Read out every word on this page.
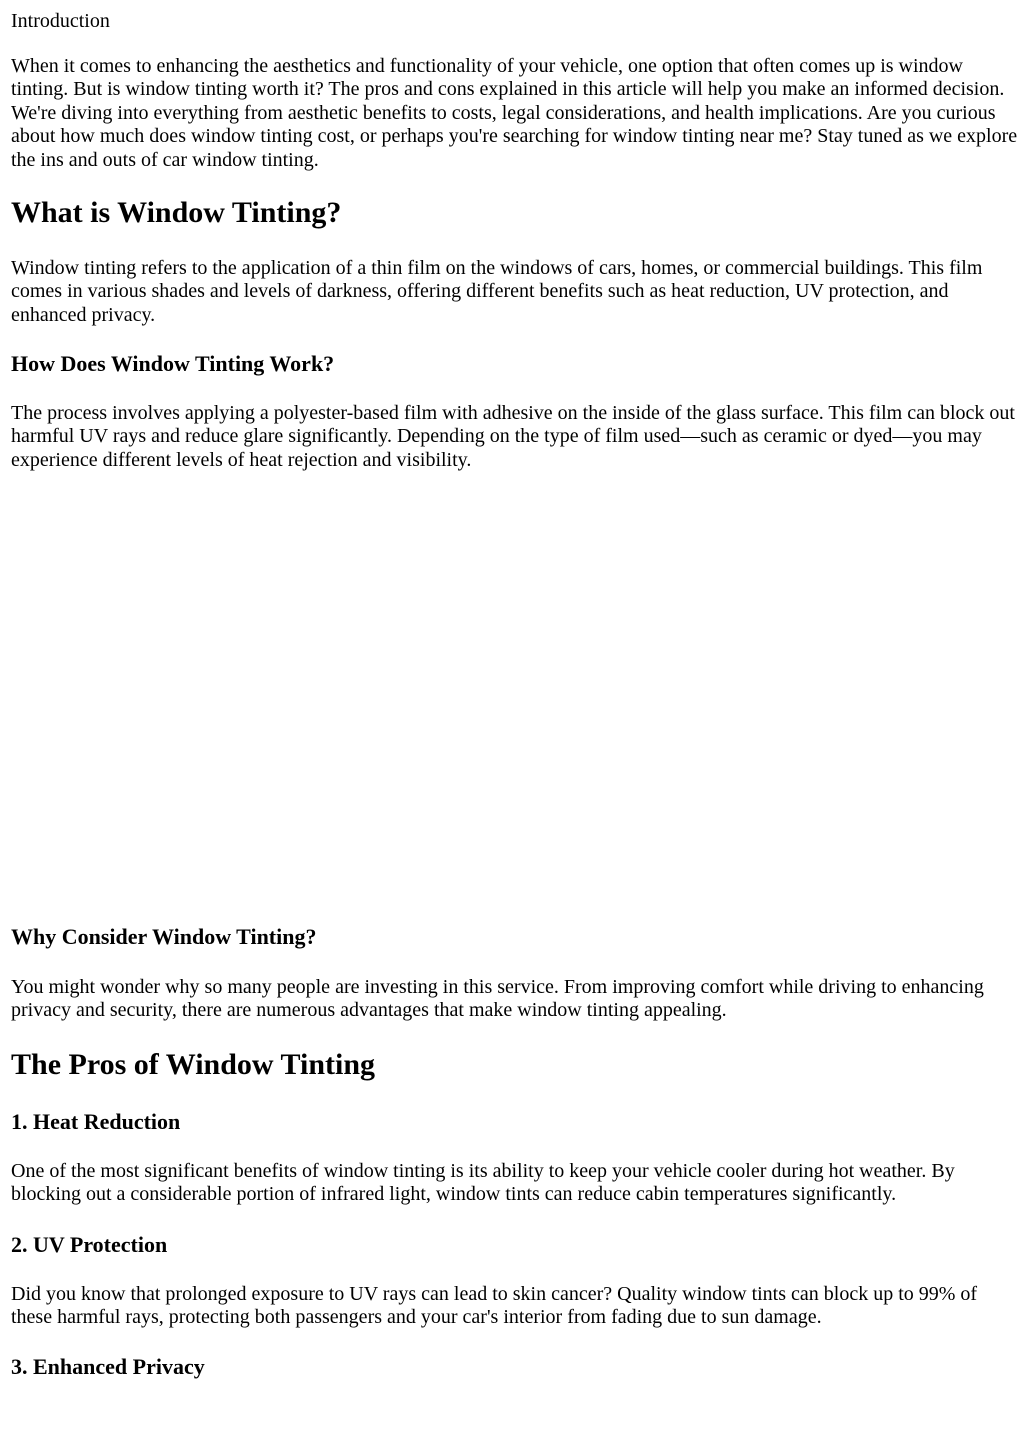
Introduction

When it comes to enhancing the aesthetics and functionality of your vehicle, one option that often comes up is window tinting. But is window tinting worth it? The pros and cons explained in this article will help you make an informed decision. We're diving into everything from aesthetic benefits to costs, legal considerations, and health implications. Are you curious about how much does window tinting cost, or perhaps you're searching for window tinting near me? Stay tuned as we explore the ins and outs of car window tinting.

What is Window Tinting?

Window tinting refers to the application of a thin film on the windows of cars, homes, or commercial buildings. This film comes in various shades and levels of darkness, offering different benefits such as heat reduction, UV protection, and enhanced privacy.

How Does Window Tinting Work?

The process involves applying a polyester-based film with adhesive on the inside of the glass surface. This film can block out harmful UV rays and reduce glare significantly. Depending on the type of film used—such as ceramic or dyed—you may experience different levels of heat rejection and visibility.

Why Consider Window Tinting?

You might wonder why so many people are investing in this service. From improving comfort while driving to enhancing privacy and security, there are numerous advantages that make window tinting appealing.

The Pros of Window Tinting
1. Heat Reduction

One of the most significant benefits of window tinting is its ability to keep your vehicle cooler during hot weather. By blocking out a considerable portion of infrared light, window tints can reduce cabin temperatures significantly.

2. UV Protection

Did you know that prolonged exposure to UV rays can lead to skin cancer? Quality window tints can block up to 99% of these harmful rays, protecting both passengers and your car's interior from fading due to sun damage.

3. Enhanced Privacy
